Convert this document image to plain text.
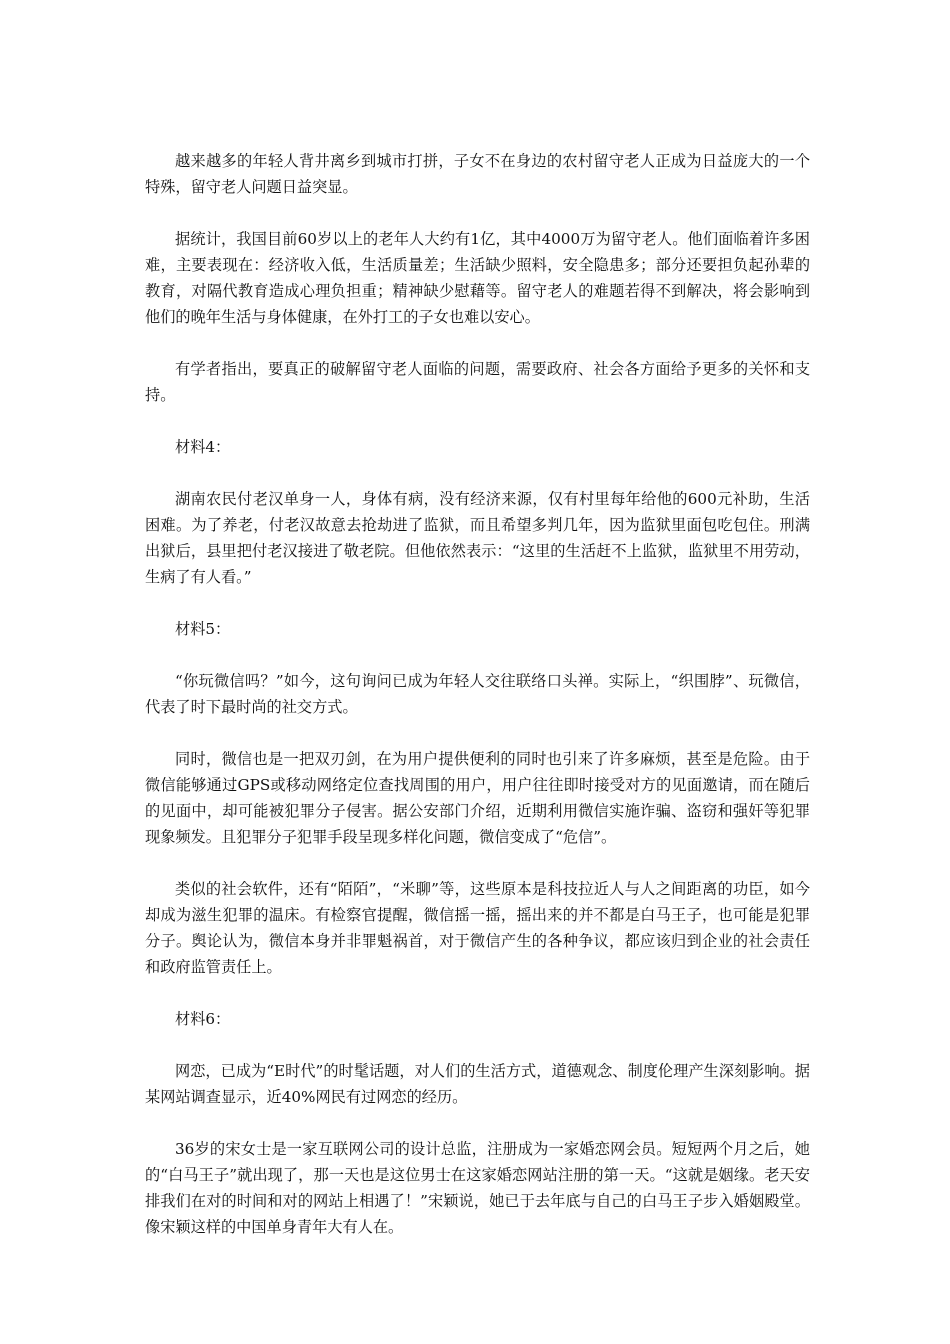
越来越多的年轻人背井离乡到城市打拼，子女不在身边的农村留守老人正成为日益庞大的一个特殊，留守老人问题日益突显。

据统计，我国目前60岁以上的老年人大约有1亿，其中4000万为留守老人。他们面临着许多困难，主要表现在：经济收入低，生活质量差；生活缺少照料，安全隐患多；部分还要担负起孙辈的教育，对隔代教育造成心理负担重；精神缺少慰藉等。留守老人的难题若得不到解决，将会影响到他们的晚年生活与身体健康，在外打工的子女也难以安心。

有学者指出，要真正的破解留守老人面临的问题，需要政府、社会各方面给予更多的关怀和支持。

材料4：

湖南农民付老汉单身一人，身体有病，没有经济来源，仅有村里每年给他的600元补助，生活困难。为了养老，付老汉故意去抢劫进了监狱，而且希望多判几年，因为监狱里面包吃包住。刑满出狱后，县里把付老汉接进了敬老院。但他依然表示：“这里的生活赶不上监狱，监狱里不用劳动，生病了有人看。”

材料5：

“你玩微信吗？”如今，这句询问已成为年轻人交往联络口头禅。实际上，“织围脖”、玩微信，代表了时下最时尚的社交方式。

同时，微信也是一把双刃剑，在为用户提供便利的同时也引来了许多麻烦，甚至是危险。由于微信能够通过GPS或移动网络定位查找周围的用户，用户往往即时接受对方的见面邀请，而在随后的见面中，却可能被犯罪分子侵害。据公安部门介绍，近期利用微信实施诈骗、盗窃和强奸等犯罪现象频发。且犯罪分子犯罪手段呈现多样化问题，微信变成了“危信”。

类似的社会软件，还有“陌陌”，“米聊”等，这些原本是科技拉近人与人之间距离的功臣，如今却成为滋生犯罪的温床。有检察官提醒，微信摇一摇，摇出来的并不都是白马王子，也可能是犯罪分子。舆论认为，微信本身并非罪魁祸首，对于微信产生的各种争议，都应该归到企业的社会责任和政府监管责任上。

材料6：

网恋，已成为“E时代”的时髦话题，对人们的生活方式，道德观念、制度伦理产生深刻影响。据某网站调查显示，近40%网民有过网恋的经历。

36岁的宋女士是一家互联网公司的设计总监，注册成为一家婚恋网会员。短短两个月之后，她的“白马王子”就出现了，那一天也是这位男士在这家婚恋网站注册的第一天。“这就是姻缘。老天安排我们在对的时间和对的网站上相遇了！”宋颖说，她已于去年底与自己的白马王子步入婚姻殿堂。像宋颖这样的中国单身青年大有人在。
